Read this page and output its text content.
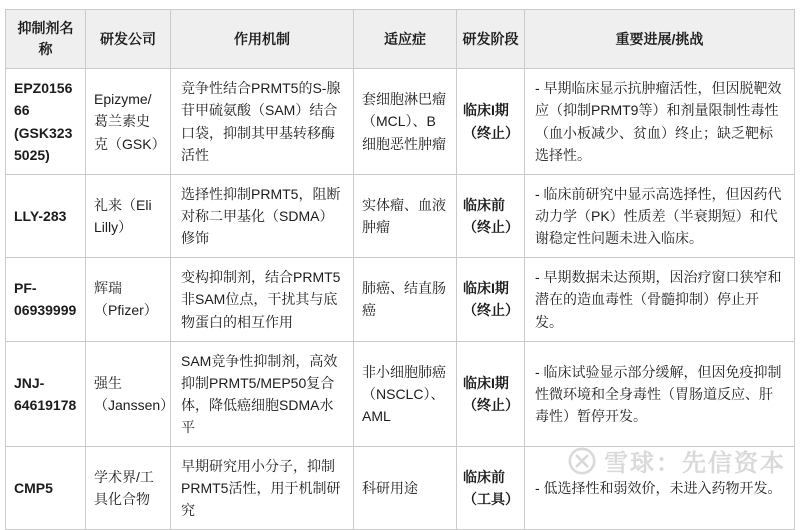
抑制剂名称	研发公司	作用机制	适应症	研发阶段	重要进展/挑战
EPZ015666 (GSK3235025)	Epizyme/葛兰素史克（GSK）	竞争性结合PRMT5的S-腺苷甲硫氨酸（SAM）结合口袋，抑制其甲基转移酶活性	套细胞淋巴瘤（MCL）、B细胞恶性肿瘤	临床I期（终止）	- 早期临床显示抗肿瘤活性，但因脱靶效应（抑制PRMT9等）和剂量限制性毒性（血小板减少、贫血）终止；缺乏靶标选择性。
LLY-283	礼来（Eli Lilly）	选择性抑制PRMT5，阻断对称二甲基化（SDMA）修饰	实体瘤、血液肿瘤	临床前（终止）	- 临床前研究中显示高选择性，但因药代动力学（PK）性质差（半衰期短）和代谢稳定性问题未进入临床。
PF-06939999	辉瑞（Pfizer）	变构抑制剂，结合PRMT5非SAM位点，干扰其与底物蛋白的相互作用	肺癌、结直肠癌	临床I期（终止）	- 早期数据未达预期，因治疗窗口狭窄和潜在的造血毒性（骨髓抑制）停止开发。
JNJ-64619178	强生（Janssen）	SAM竞争性抑制剂，高效抑制PRMT5/MEP50复合体，降低癌细胞SDMA水平	非小细胞肺癌（NSCLC）、AML	临床I期（终止）	- 临床试验显示部分缓解，但因免疫抑制性微环境和全身毒性（胃肠道反应、肝毒性）暂停开发。
CMP5	学术界/工具化合物	早期研究用小分子，抑制PRMT5活性，用于机制研究	科研用途	临床前（工具）	- 低选择性和弱效价，未进入药物开发。
雪球：先信资本
